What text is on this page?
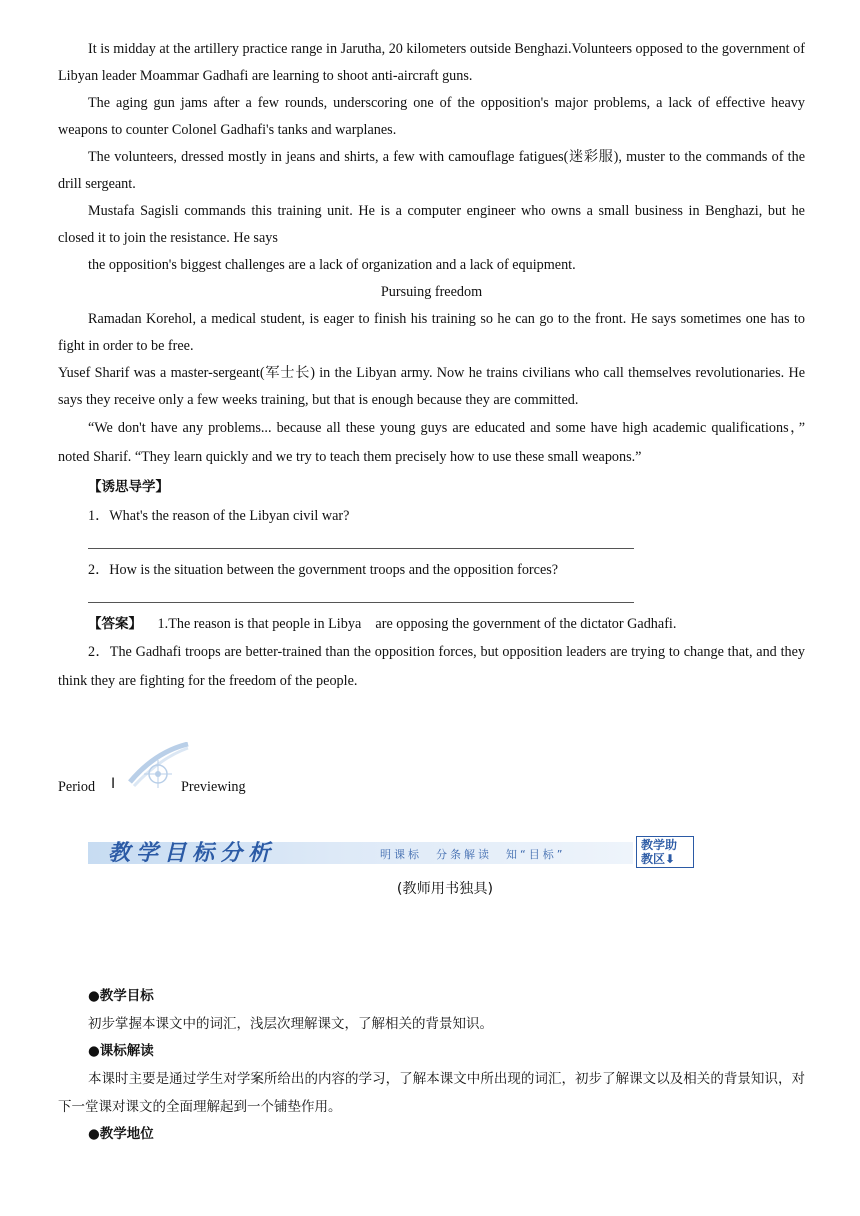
It is midday at the artillery practice range in Jarutha, 20 kilometers outside Benghazi.Volunteers opposed to the government of Libyan leader Moammar Gadhafi are learning to shoot anti-aircraft guns.

The aging gun jams after a few rounds, underscoring one of the opposition's major problems, a lack of effective heavy weapons to counter Colonel Gadhafi's tanks and warplanes.

The volunteers, dressed mostly in jeans and shirts, a few with camouflage fatigues(迷彩服), muster to the commands of the drill sergeant.

Mustafa Sagisli commands this training unit. He is a computer engineer who owns a small business in Benghazi, but he closed it to join the resistance. He says

the opposition's biggest challenges are a lack of organization and a lack of equipment.

Pursuing freedom

Ramadan Korehol, a medical student, is eager to finish his training so he can go to the front. He says sometimes one has to fight in order to be free.

Yusef Sharif was a master-sergeant(军士长) in the Libyan army. Now he trains civilians who call themselves revolutionaries. He says they receive only a few weeks training, but that is enough because they are committed.

“We don't have any problems... because all these young guys are educated and some have high academic qualifications，” noted Sharif. “They learn quickly and we try to teach them precisely how to use these small weapons.”

【诱思导学】

1．What's the reason of the Libyan civil war?

2．How is the situation between the government troops and the opposition forces?

【答案】 1.The reason is that people in Libya　are opposing the government of the dictator Gadhafi.

2．The Gadhafi troops are better-trained than the opposition forces, but opposition leaders are trying to change that, and they think they are fighting for the freedom of the people.

Period Ⅰ	Previewing
教学目标分析	明课标　分条解读　知“目标”
教学助
教区⬇
(教师用书独具)

●教学目标

初步掌握本课文中的词汇，浅层次理解课文，了解相关的背景知识。

●课标解读

本课时主要是通过学生对学案所给出的内容的学习，了解本课文中所出现的词汇，初步了解课文以及相关的背景知识，对下一堂课对课文的全面理解起到一个铺垫作用。

●教学地位
